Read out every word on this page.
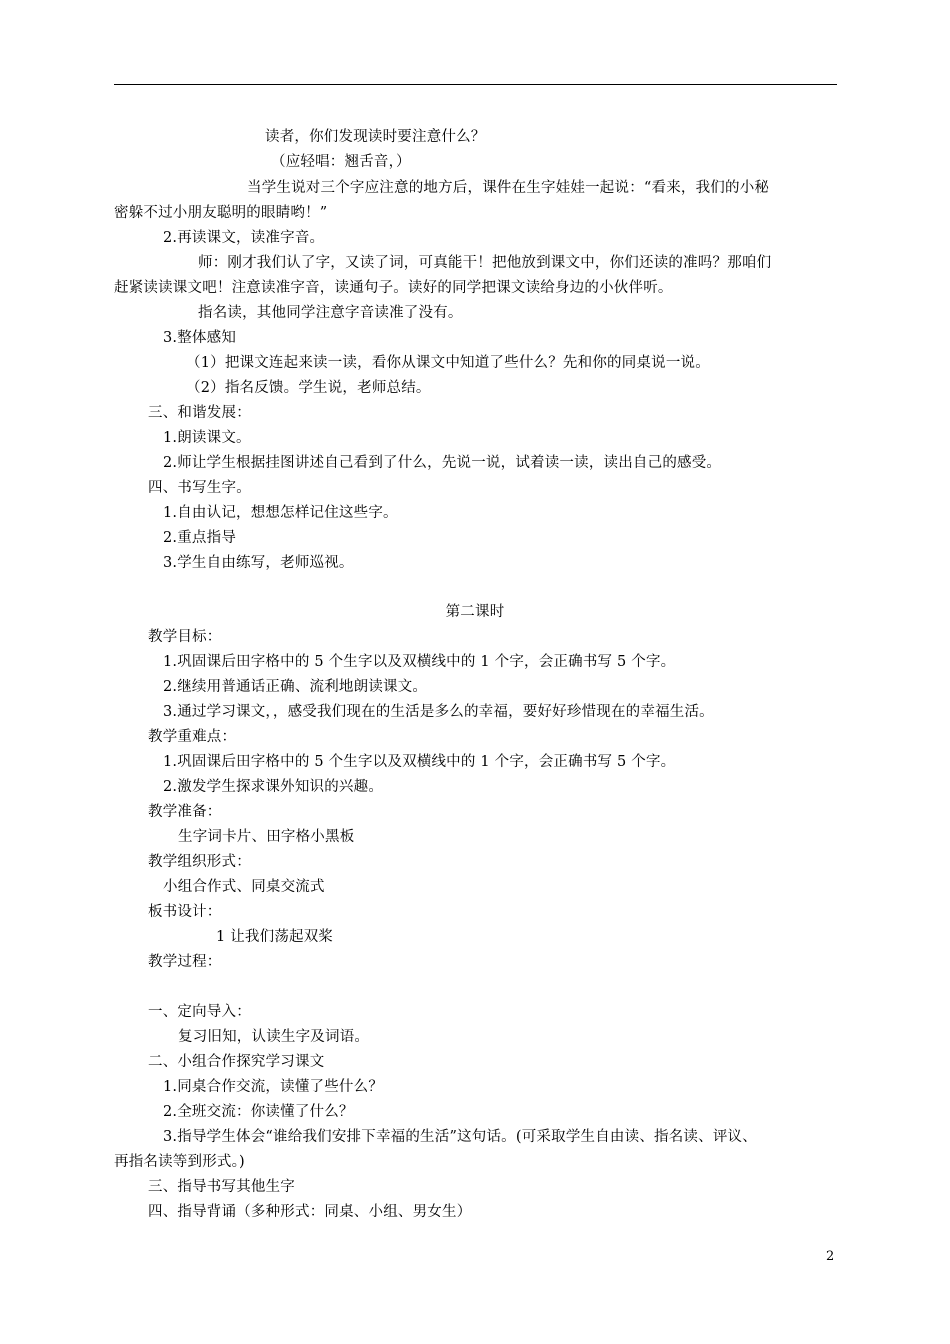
读者，你们发现读时要注意什么？
（应轻唱：翘舌音，）
当学生说对三个字应注意的地方后，课件在生字娃娃一起说：“看来，我们的小秘
密躲不过小朋友聪明的眼睛哟！”
2.再读课文，读准字音。
师：刚才我们认了字，又读了词，可真能干！把他放到课文中，你们还读的准吗？那咱们
赶紧读读课文吧！注意读准字音，读通句子。读好的同学把课文读给身边的小伙伴听。
指名读，其他同学注意字音读准了没有。
3.整体感知
（1）把课文连起来读一读，看你从课文中知道了些什么？先和你的同桌说一说。
（2）指名反馈。学生说，老师总结。
三、和谐发展：
1.朗读课文。
2.师让学生根据挂图讲述自己看到了什么，先说一说，试着读一读，读出自己的感受。
四、书写生字。
1.自由认记，想想怎样记住这些字。
2.重点指导
3.学生自由练写，老师巡视。
第二课时
教学目标：
1.巩固课后田字格中的 5 个生字以及双横线中的 1 个字，会正确书写 5 个字。
2.继续用普通话正确、流利地朗读课文。
3.通过学习课文，，感受我们现在的生活是多么的幸福，要好好珍惜现在的幸福生活。
教学重难点：
1.巩固课后田字格中的 5 个生字以及双横线中的 1 个字，会正确书写 5 个字。
2.激发学生探求课外知识的兴趣。
教学准备：
生字词卡片、田字格小黑板
教学组织形式：
小组合作式、同桌交流式
板书设计：
1 让我们荡起双桨
教学过程：
一、定向导入：
复习旧知，认读生字及词语。
二、小组合作探究学习课文
1.同桌合作交流，读懂了些什么？
2.全班交流：你读懂了什么？
3.指导学生体会“谁给我们安排下幸福的生活”这句话。(可采取学生自由读、指名读、评议、
再指名读等到形式。)
三、指导书写其他生字
四、指导背诵（多种形式：同桌、小组、男女生）
2
